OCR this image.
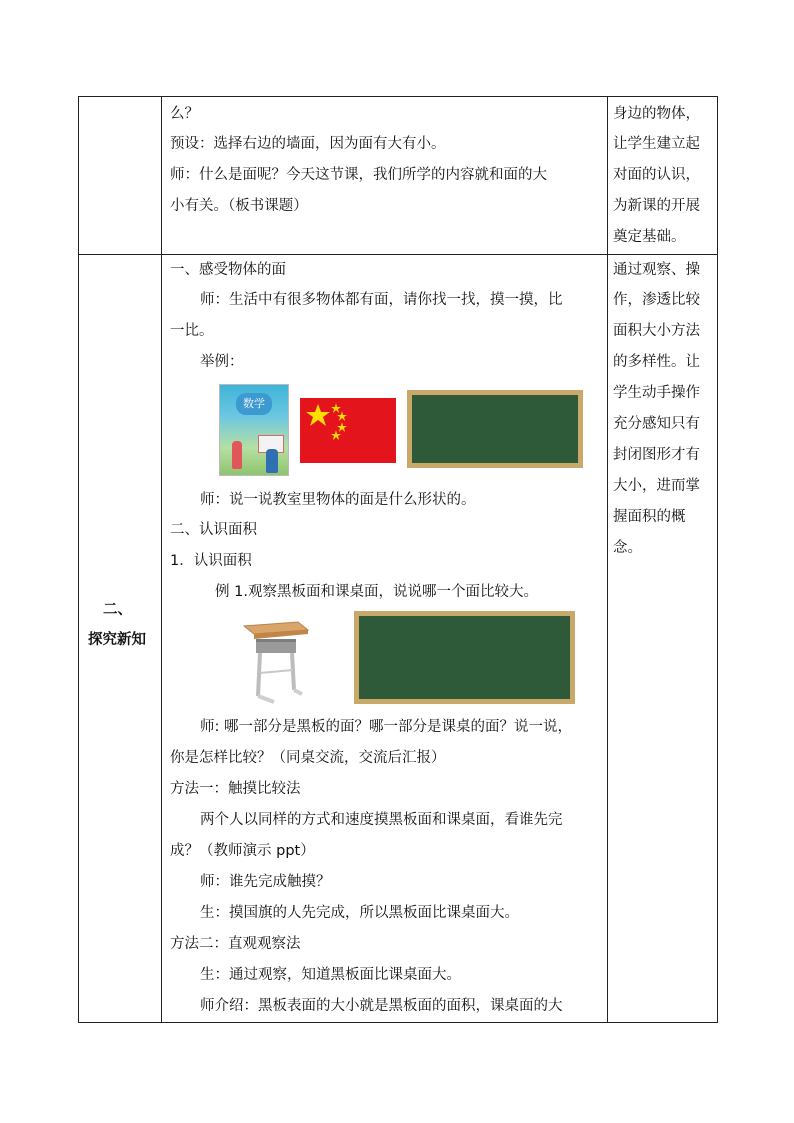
么？
预设：选择右边的墙面，因为面有大有小。
师：什么是面呢？今天这节课，我们所学的内容就和面的大
小有关。（板书课题）
身边的物体，
让学生建立起
对面的认识，
为新课的开展
奠定基础。
二、
探究新知
一、感受物体的面
师：生活中有很多物体都有面，请你找一找，摸一摸，比
一比。
举例：
数学
师：说一说教室里物体的面是什么形状的。
二、认识面积
1．认识面积
例 1.观察黑板面和课桌面，说说哪一个面比较大。
师: 哪一部分是黑板的面？哪一部分是课桌的面？说一说，
你是怎样比较？（同桌交流，交流后汇报）
方法一：触摸比较法
两个人以同样的方式和速度摸黑板面和课桌面，看谁先完
成？（教师演示 ppt）
师：谁先完成触摸？
生：摸国旗的人先完成，所以黑板面比课桌面大。
方法二：直观观察法
生：通过观察，知道黑板面比课桌面大。
师介绍：黑板表面的大小就是黑板面的面积，课桌面的大
通过观察、操
作，渗透比较
面积大小方法
的多样性。让
学生动手操作
充分感知只有
封闭图形才有
大小，进而掌
握面积的概
念。
